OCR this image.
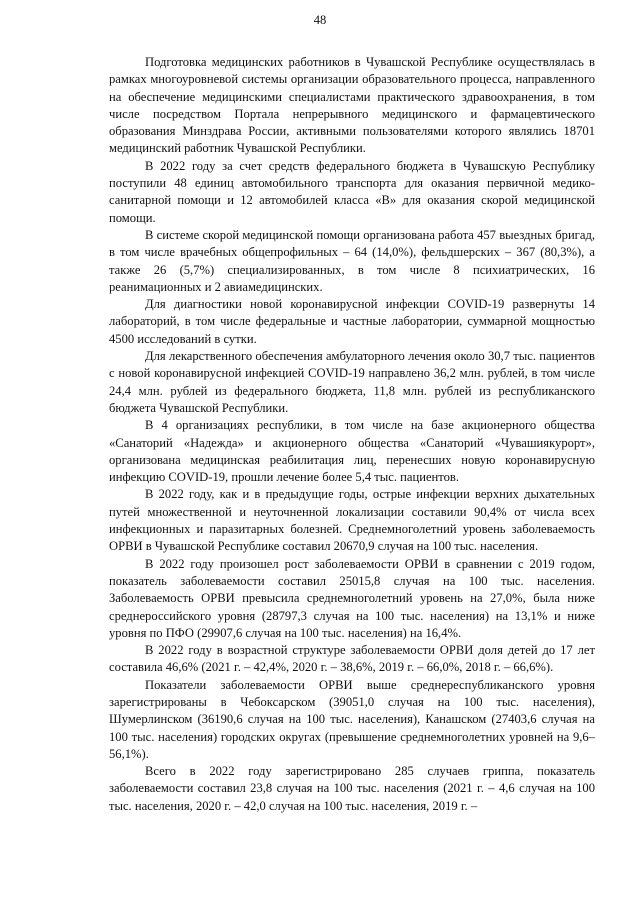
48

Подготовка медицинских работников в Чувашской Республике осуществлялась в рамках многоуровневой системы организации образовательного процесса, направленного на обеспечение медицинскими специалистами практического здравоохранения, в том числе посредством Портала непрерывного медицинского и фармацевтического образования Минздрава России, активными пользователями которого являлись 18701 медицинский работник Чувашской Республики.

В 2022 году за счет средств федерального бюджета в Чувашскую Республику поступили 48 единиц автомобильного транспорта для оказания первичной медико-санитарной помощи и 12 автомобилей класса «В» для оказания скорой медицинской помощи.

В системе скорой медицинской помощи организована работа 457 выездных бригад, в том числе врачебных общепрофильных – 64 (14,0%), фельдшерских – 367 (80,3%), а также 26 (5,7%) специализированных, в том числе 8 психиатрических, 16 реанимационных и 2 авиамедицинских.

Для диагностики новой коронавирусной инфекции COVID-19 развернуты 14 лабораторий, в том числе федеральные и частные лаборатории, суммарной мощностью 4500 исследований в сутки.

Для лекарственного обеспечения амбулаторного лечения около 30,7 тыс. пациентов с новой коронавирусной инфекцией COVID-19 направлено 36,2 млн. рублей, в том числе 24,4 млн. рублей из федерального бюджета, 11,8 млн. рублей из республиканского бюджета Чувашской Республики.

В 4 организациях республики, в том числе на базе акционерного общества «Санаторий «Надежда» и акционерного общества «Санаторий «Чувашиякурорт», организована медицинская реабилитация лиц, перенесших новую коронавирусную инфекцию COVID-19, прошли лечение более 5,4 тыс. пациентов.

В 2022 году, как и в предыдущие годы, острые инфекции верхних дыхательных путей множественной и неуточненной локализации составили 90,4% от числа всех инфекционных и паразитарных болезней. Среднемноголетний уровень заболеваемость ОРВИ в Чувашской Республике составил 20670,9 случая на 100 тыс. населения.

В 2022 году произошел рост заболеваемости ОРВИ в сравнении с 2019 годом, показатель заболеваемости составил 25015,8 случая на 100 тыс. населения. Заболеваемость ОРВИ превысила среднемноголетний уровень на 27,0%, была ниже среднероссийского уровня (28797,3 случая на 100 тыс. населения) на 13,1% и ниже уровня по ПФО (29907,6 случая на 100 тыс. населения) на 16,4%.

В 2022 году в возрастной структуре заболеваемости ОРВИ доля детей до 17 лет составила 46,6% (2021 г. – 42,4%, 2020 г. – 38,6%, 2019 г. – 66,0%, 2018 г. – 66,6%).

Показатели заболеваемости ОРВИ выше среднереспубликанского уровня зарегистрированы в Чебоксарском (39051,0 случая на 100 тыс. населения), Шумерлинском (36190,6 случая на 100 тыс. населения), Канашском (27403,6 случая на 100 тыс. населения) городских округах (превышение среднемноголетних уровней на 9,6–56,1%).

Всего в 2022 году зарегистрировано 285 случаев гриппа, показатель заболеваемости составил 23,8 случая на 100 тыс. населения (2021 г. – 4,6 случая на 100 тыс. населения, 2020 г. – 42,0 случая на 100 тыс. населения, 2019 г. –
